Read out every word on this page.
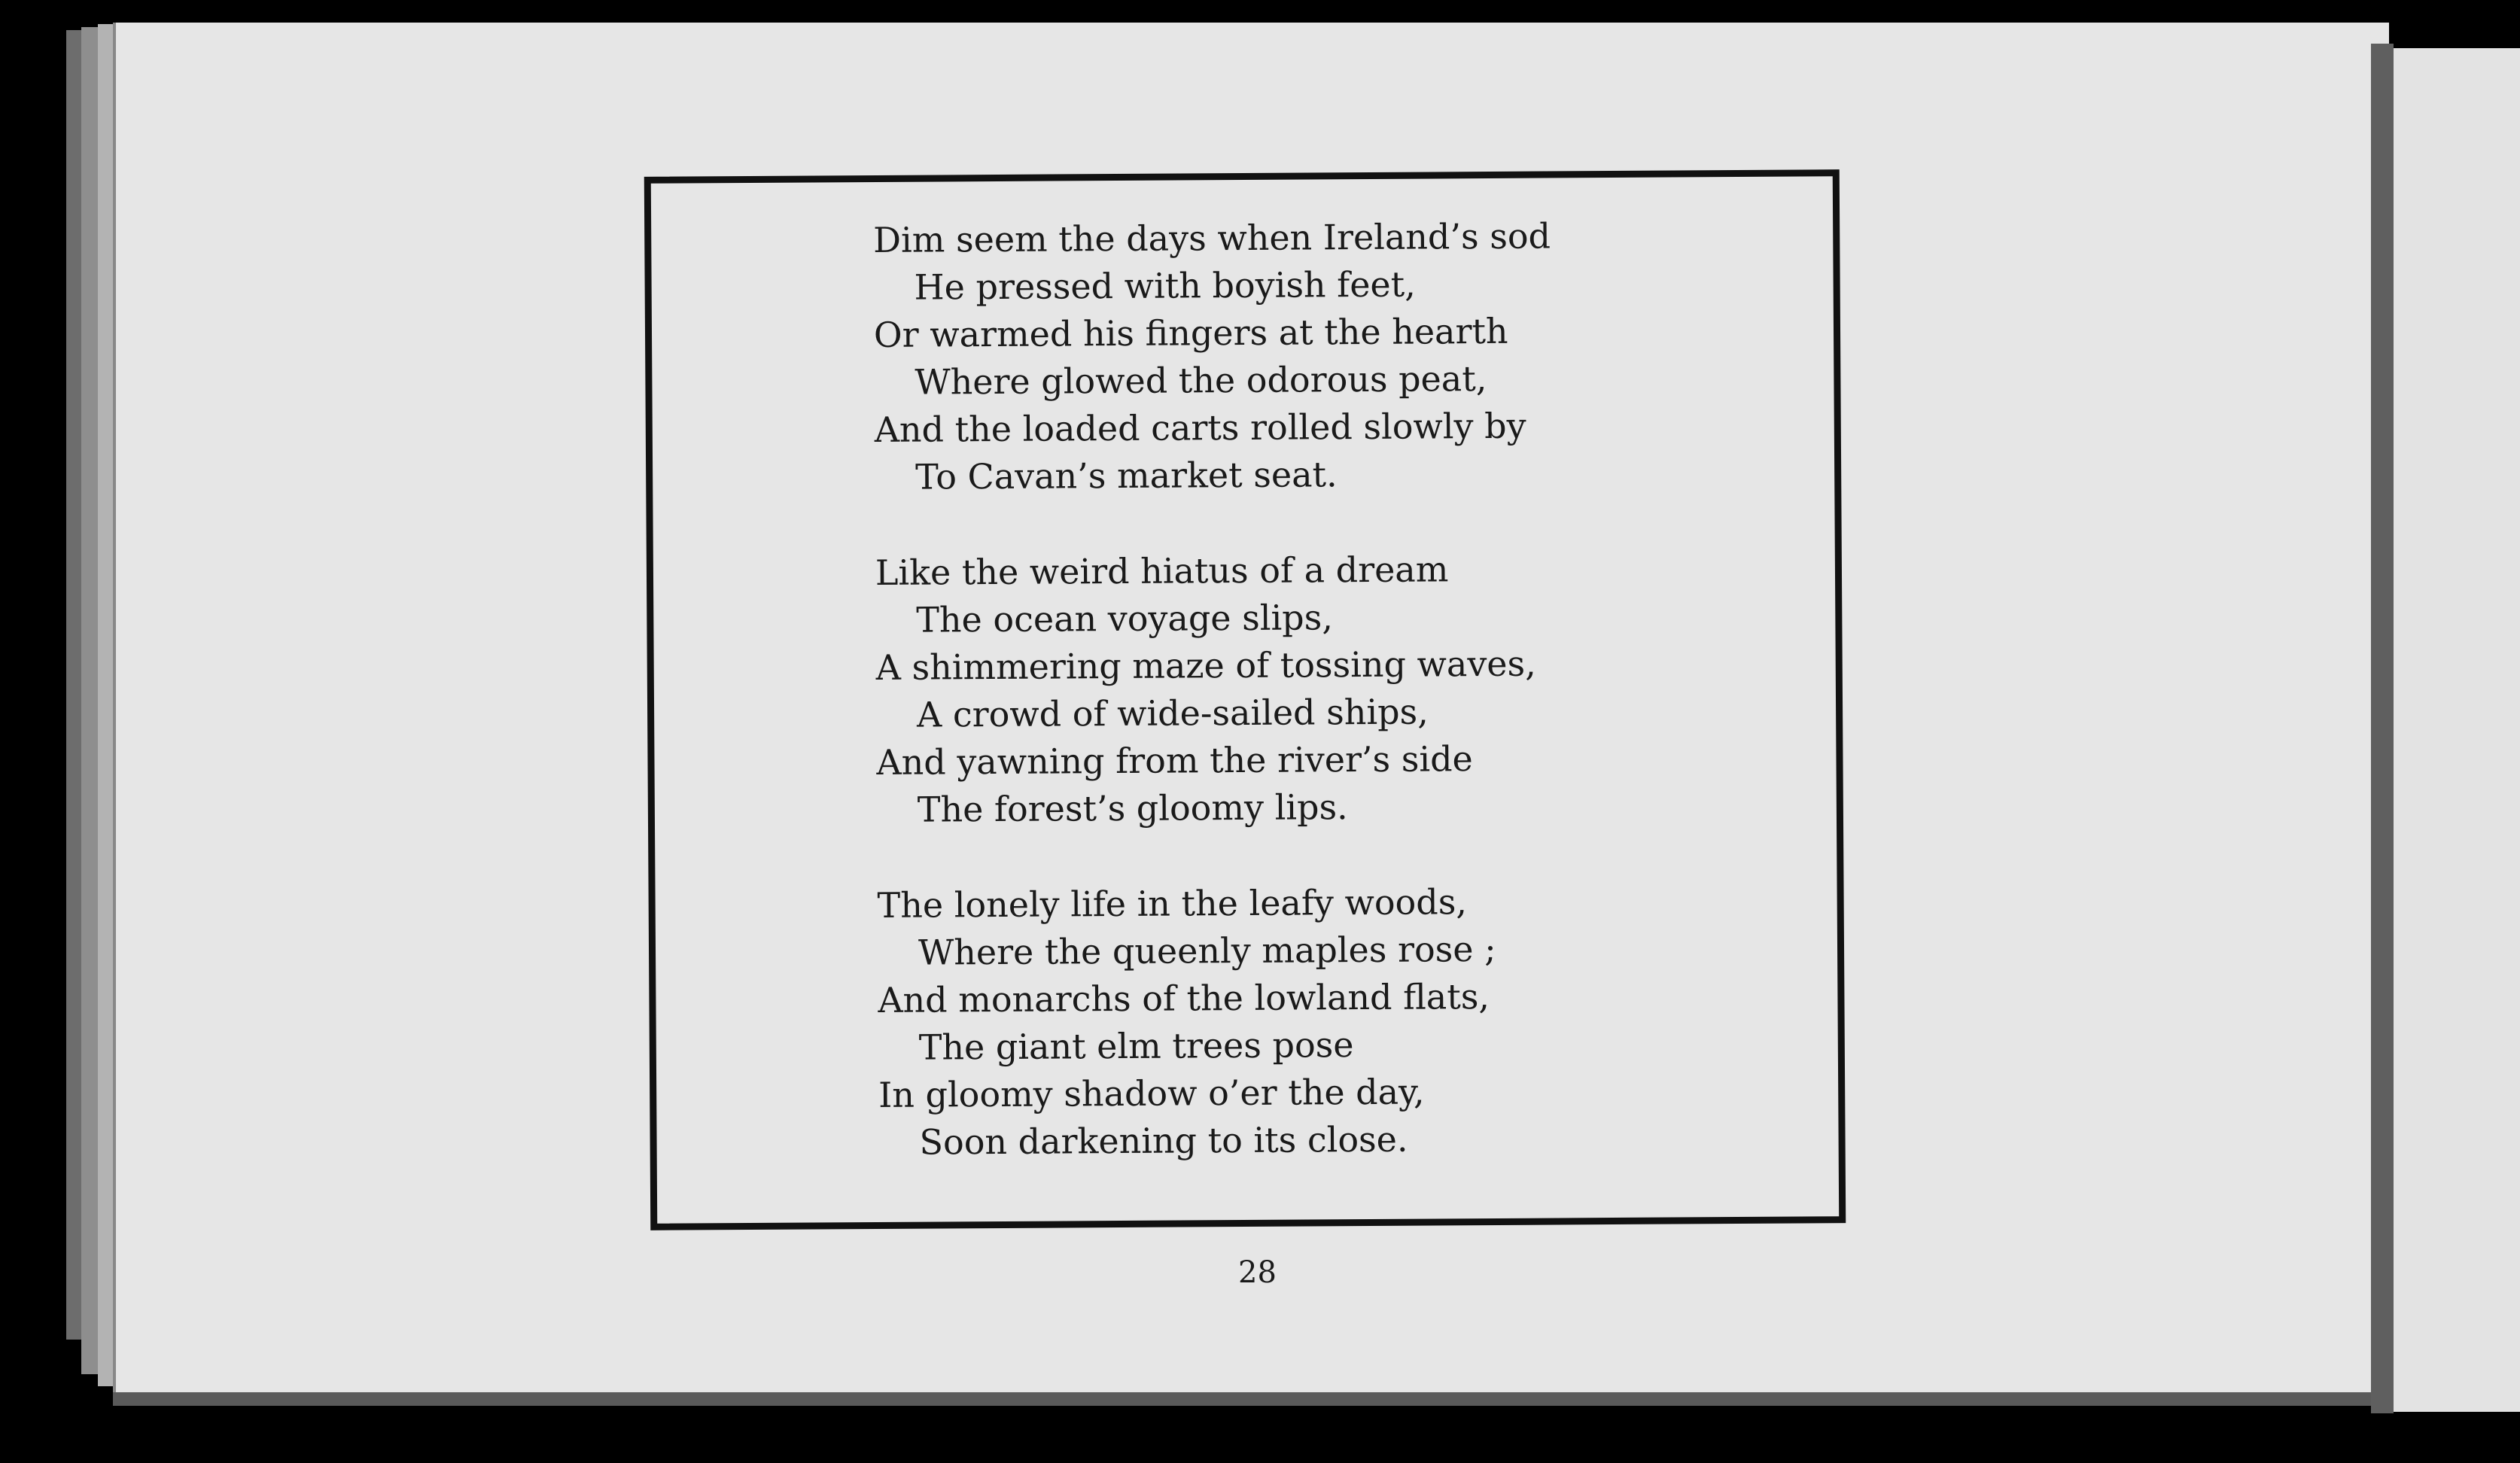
Dim seem the days when Ireland’s sod
He pressed with boyish feet,
Or warmed his fingers at the hearth
Where glowed the odorous peat,
And the loaded carts rolled slowly by
To Cavan’s market seat.
Like the weird hiatus of a dream
The ocean voyage slips,
A shimmering maze of tossing waves,
A crowd of wide-sailed ships,
And yawning from the river’s side
The forest’s gloomy lips.
The lonely life in the leafy woods,
Where the queenly maples rose ;
And monarchs of the lowland flats,
The giant elm trees pose
In gloomy shadow o’er the day,
Soon darkening to its close.
28
